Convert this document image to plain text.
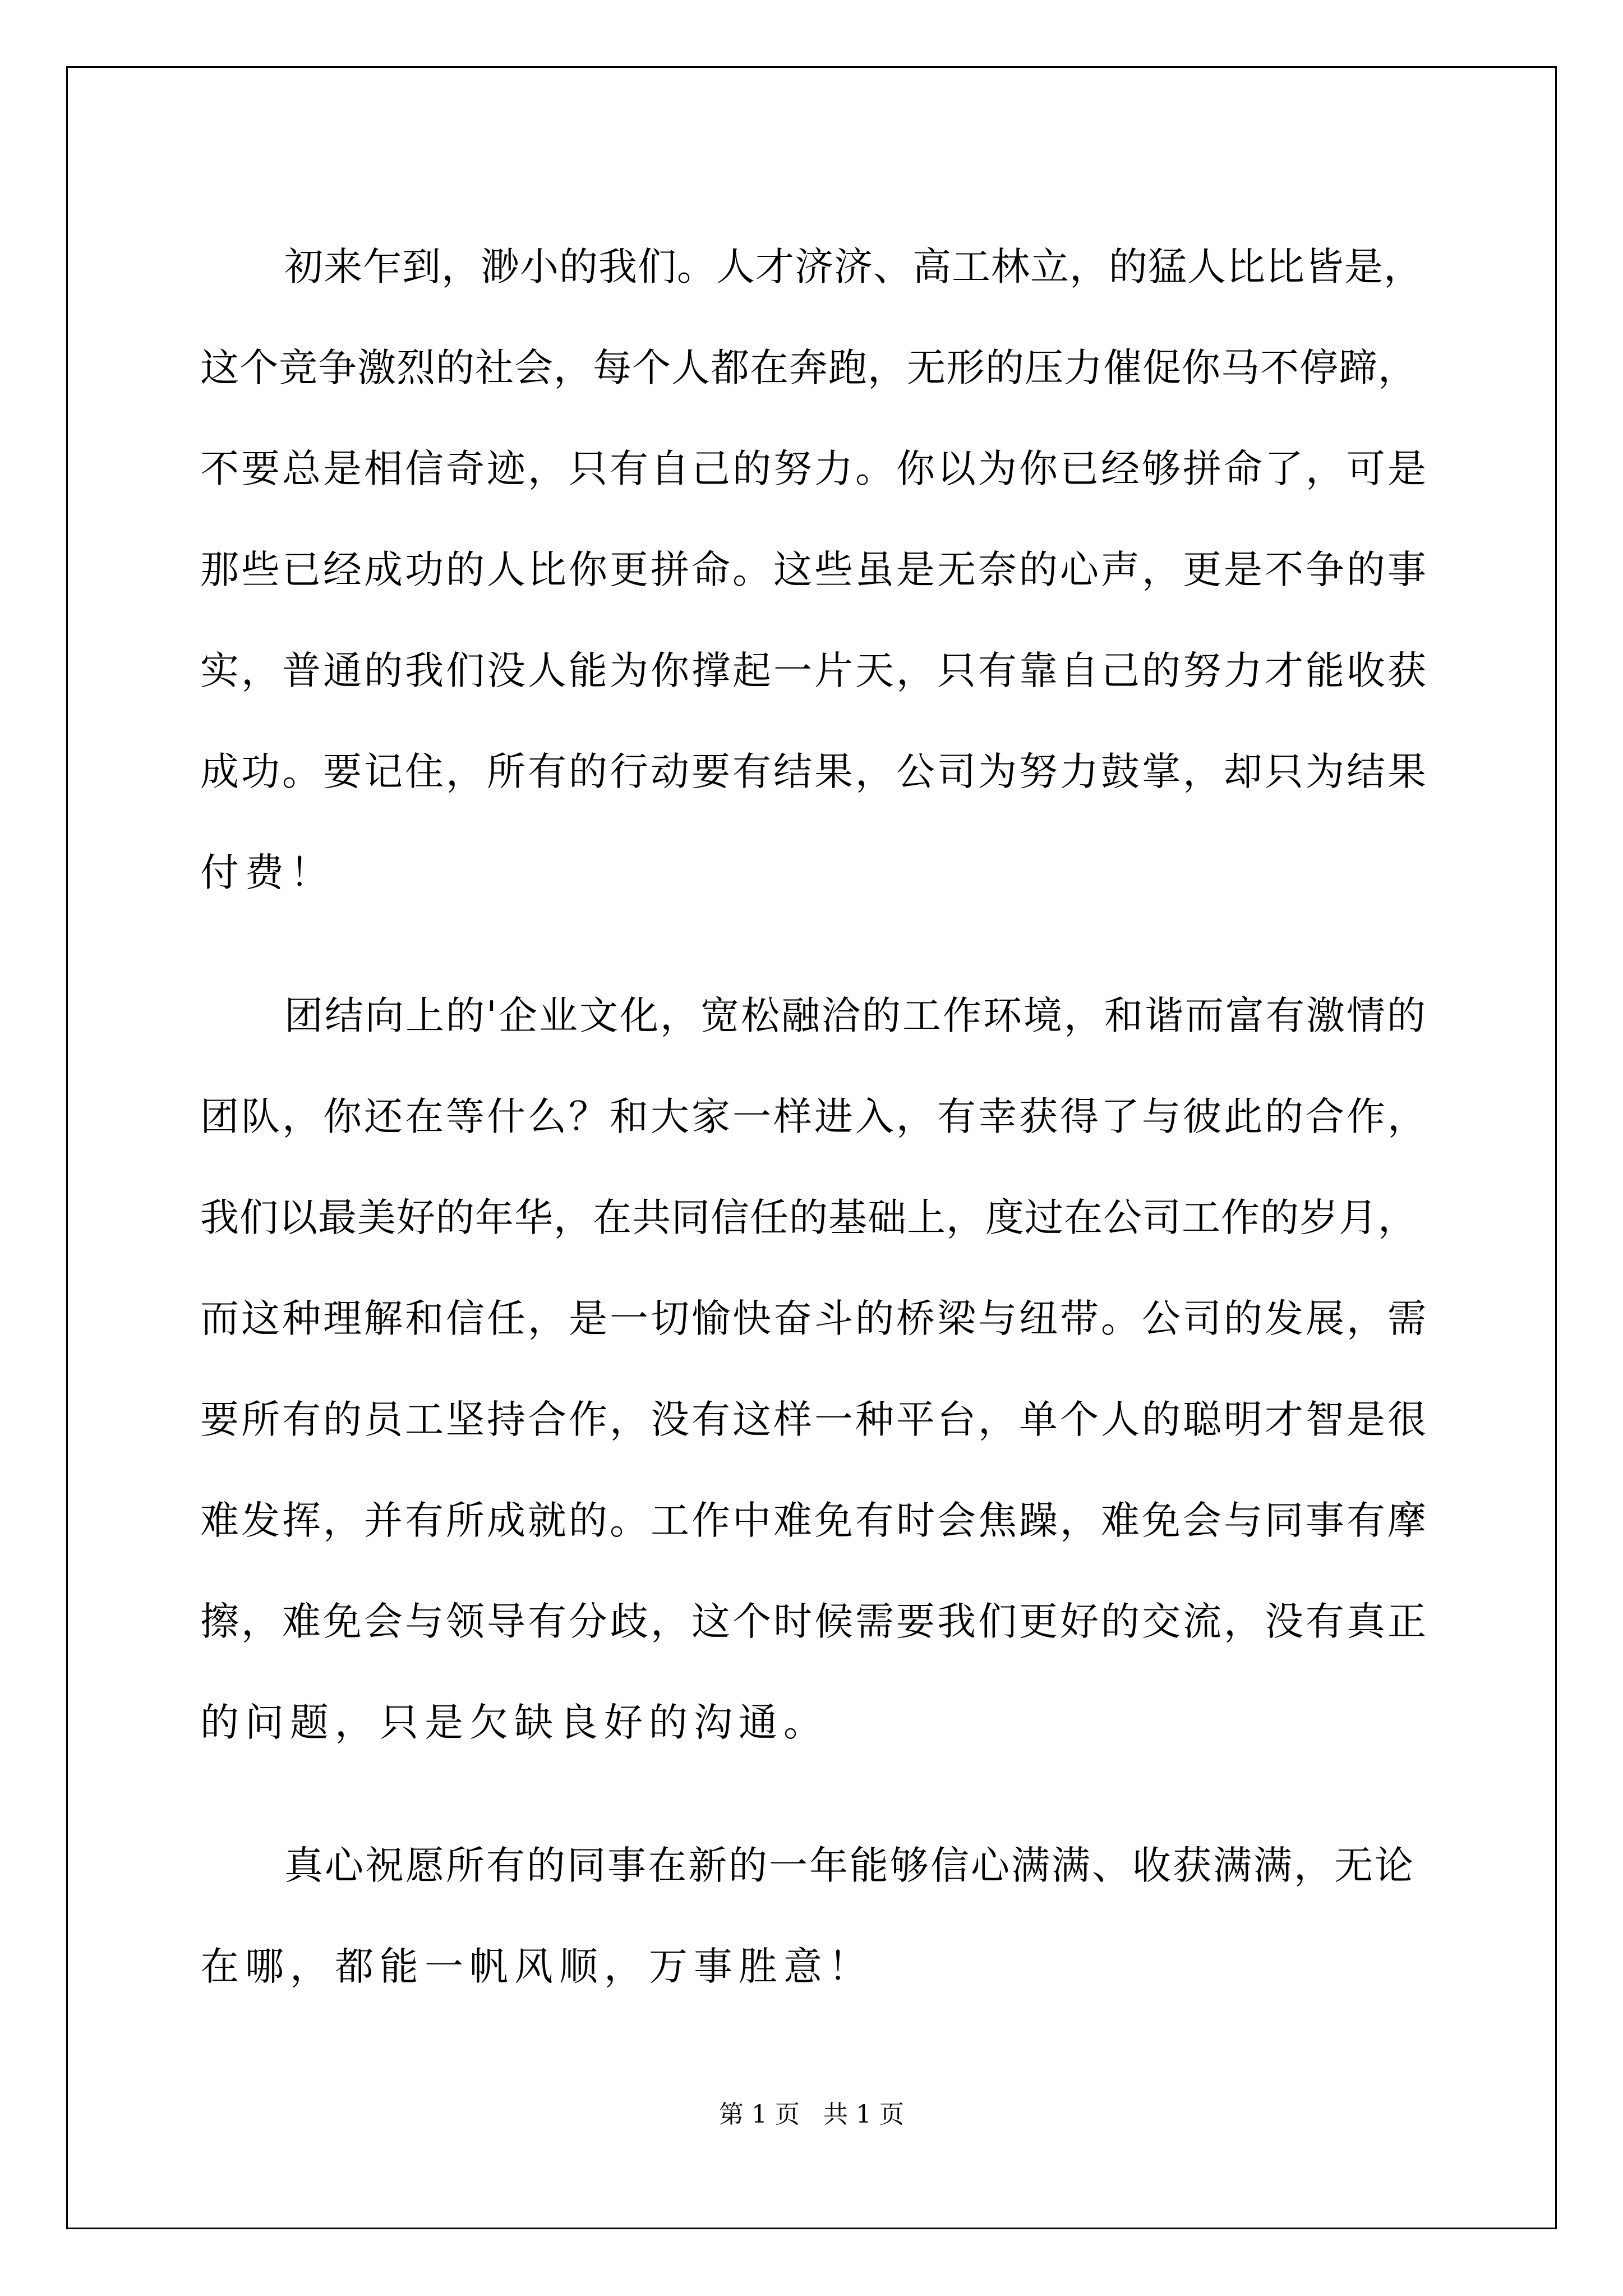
初来乍到，渺小的我们。人才济济、高工林立，的猛人比比皆是，
这个竞争激烈的社会，每个人都在奔跑，无形的压力催促你马不停蹄，
不要总是相信奇迹，只有自己的努力。你以为你已经够拼命了，可是
那些已经成功的人比你更拼命。这些虽是无奈的心声，更是不争的事
实，普通的我们没人能为你撑起一片天，只有靠自己的努力才能收获
成功。要记住，所有的行动要有结果，公司为努力鼓掌，却只为结果
付费！
团结向上的'企业文化，宽松融洽的工作环境，和谐而富有激情的
团队，你还在等什么？和大家一样进入，有幸获得了与彼此的合作，
我们以最美好的年华，在共同信任的基础上，度过在公司工作的岁月，
而这种理解和信任，是一切愉快奋斗的桥梁与纽带。公司的发展，需
要所有的员工坚持合作，没有这样一种平台，单个人的聪明才智是很
难发挥，并有所成就的。工作中难免有时会焦躁，难免会与同事有摩
擦，难免会与领导有分歧，这个时候需要我们更好的交流，没有真正
的问题，只是欠缺良好的沟通。
真心祝愿所有的同事在新的一年能够信心满满、收获满满，无论
在哪，都能一帆风顺，万事胜意！
第 1 页   共 1 页
